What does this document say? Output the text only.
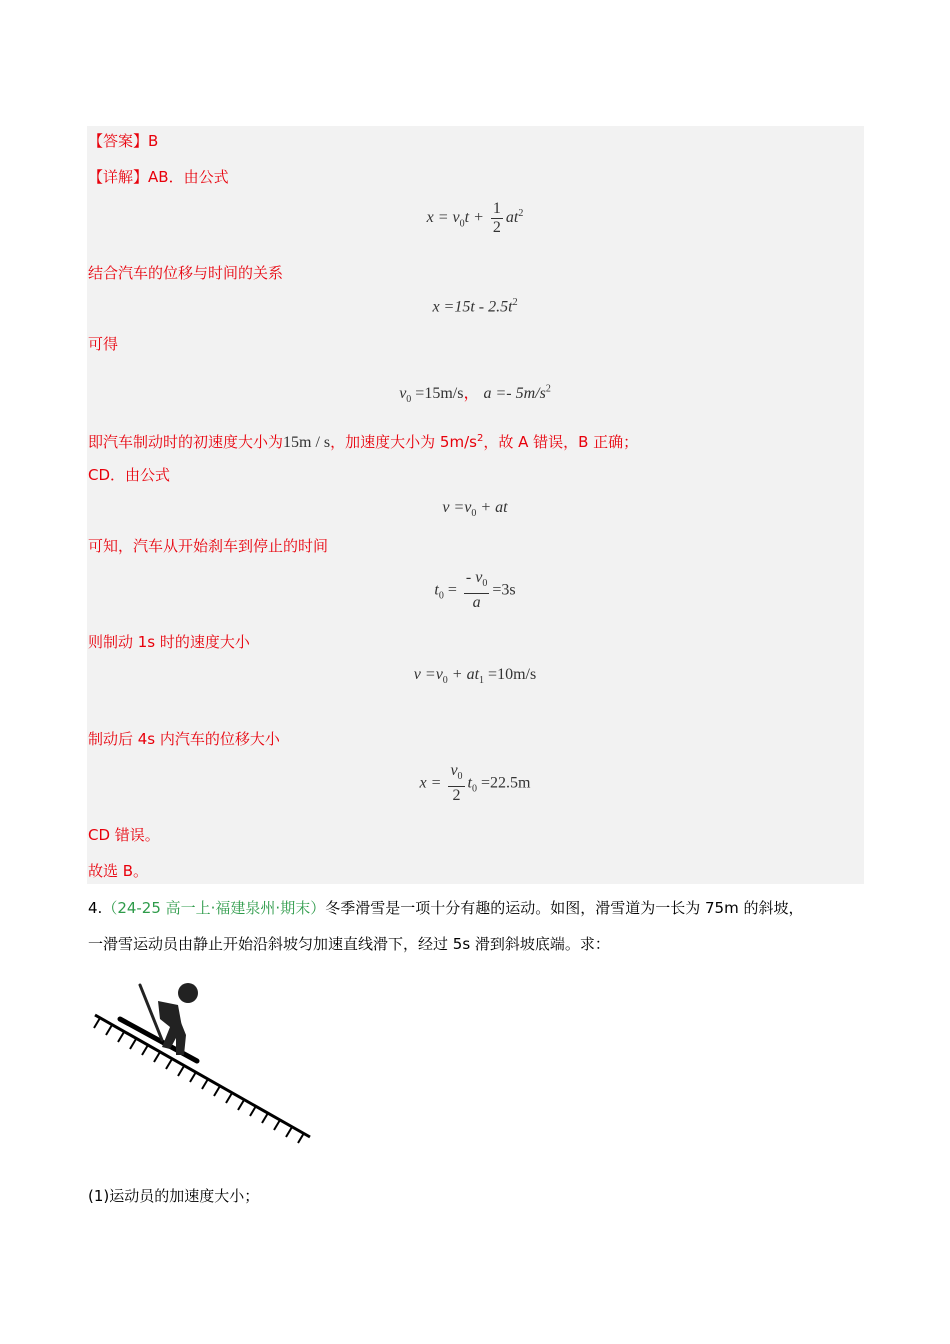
【答案】B
【详解】AB．由公式
$x = v_0t + \frac{1}{2} at^2$
结合汽车的位移与时间的关系
$x =15t - 2.5t^2$
可得
$v_0 =15m/s$， $a =- 5m/s^2$
即汽车制动时的初速度大小为15m / s，加速度大小为 $5m/s^2$，故 A 错误，B 正确；
CD．由公式
$v =v_0$ + at
可知，汽车从开始刹车到停止的时间
$t_0 = \frac{- v_0}{a} =3s$
则制动 1s 时的速度大小
$v =v_0 + at_1 =10m/s$
制动后 4s 内汽车的位移大小
$x = \frac{v_0}{2} t_0 =22.5m$
CD 错误。
故选 B。
4.（24-25 高一上·福建泉州·期末）冬季滑雪是一项十分有趣的运动。如图，滑雪道为一长为 75m 的斜坡，
一滑雪运动员由静止开始沿斜坡匀加速直线滑下，经过 5s 滑到斜坡底端。求：
(1)运动员的加速度大小；
